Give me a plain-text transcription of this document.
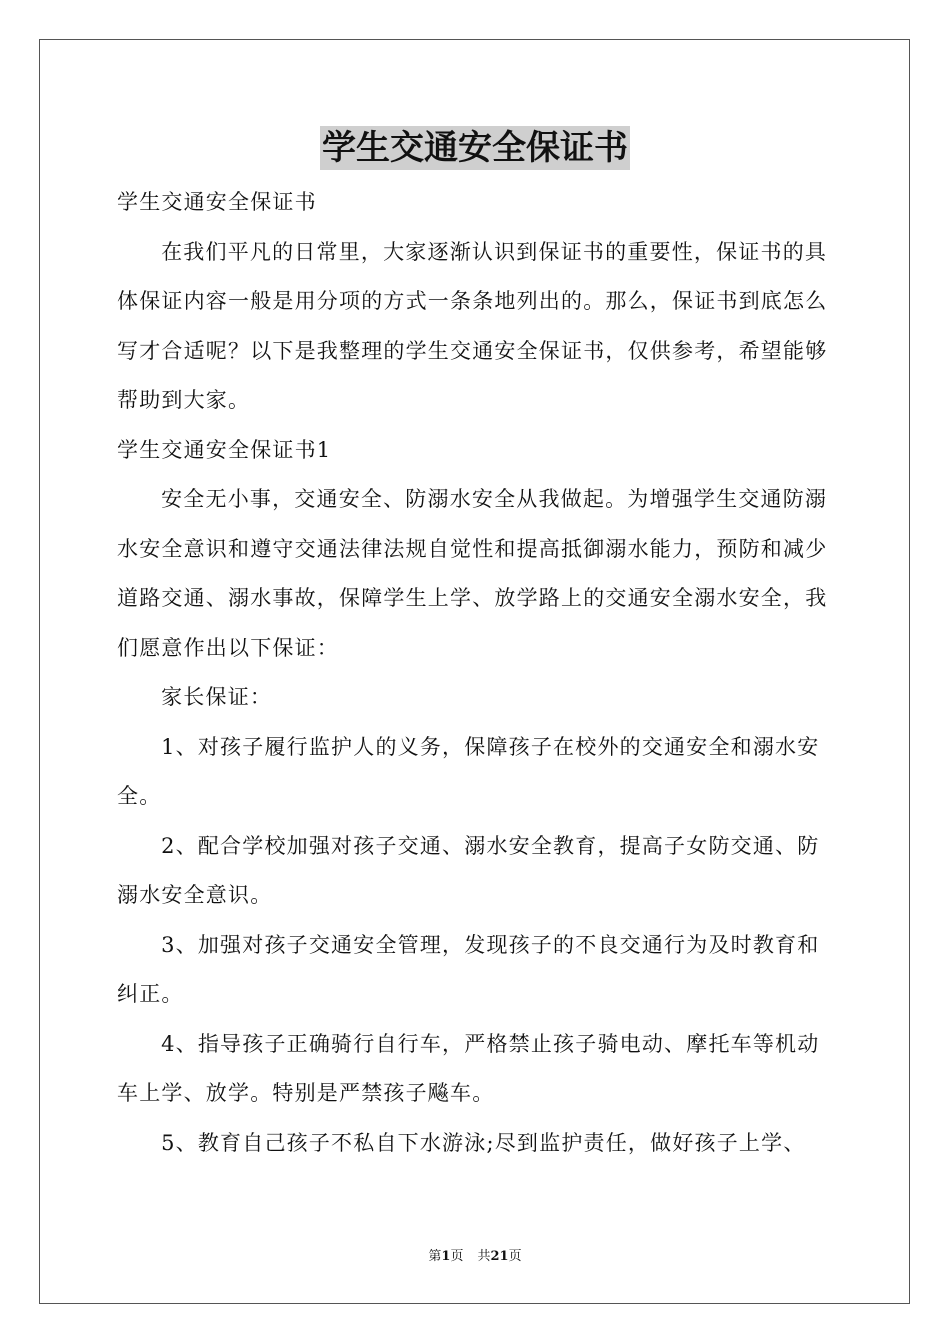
学生交通安全保证书

学生交通安全保证书

在我们平凡的日常里，大家逐渐认识到保证书的重要性，保证书的具体保证内容一般是用分项的方式一条条地列出的。那么，保证书到底怎么写才合适呢？以下是我整理的学生交通安全保证书，仅供参考，希望能够帮助到大家。

学生交通安全保证书1

安全无小事，交通安全、防溺水安全从我做起。为增强学生交通防溺水安全意识和遵守交通法律法规自觉性和提高抵御溺水能力，预防和减少道路交通、溺水事故，保障学生上学、放学路上的交通安全溺水安全，我们愿意作出以下保证：

家长保证：

1、对孩子履行监护人的义务，保障孩子在校外的交通安全和溺水安全。

2、配合学校加强对孩子交通、溺水安全教育，提高子女防交通、防溺水安全意识。

3、加强对孩子交通安全管理，发现孩子的不良交通行为及时教育和纠正。

4、指导孩子正确骑行自行车，严格禁止孩子骑电动、摩托车等机动车上学、放学。特别是严禁孩子飚车。

5、教育自己孩子不私自下水游泳;尽到监护责任，做好孩子上学、

第1页 共21页
